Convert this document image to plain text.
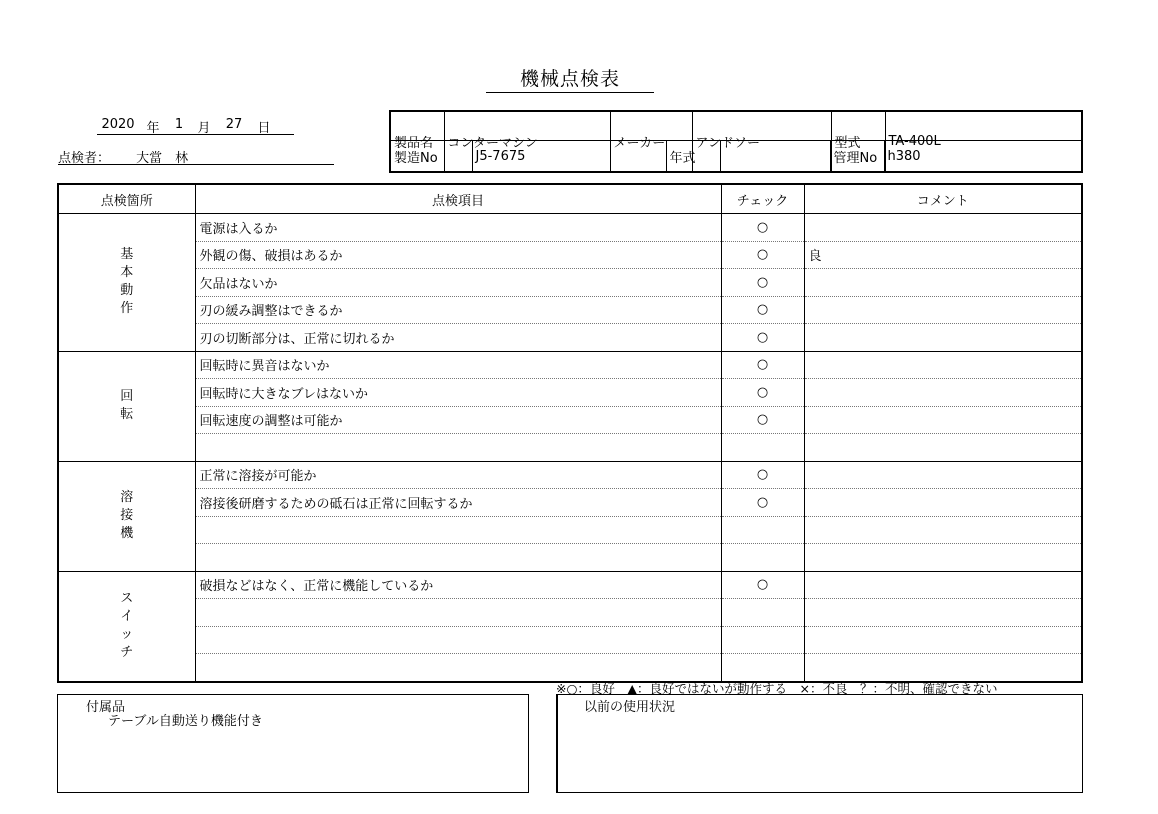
機械点検表
2020 年	1	月	27	日
点検者： 大當　林
製品名	コンターマシン	メーカー	アンドソー	型式	TA-400L
製造No	J5-7675	年式		管理No	h380
点検箇所	点検項目	チェック	コメント
基本動作	電源は入るか	○	
	外観の傷、破損はあるか	○	良
	欠品はないか	○	
	刃の緩み調整はできるか	○	
	刃の切断部分は、正常に切れるか	○	
回転	回転時に異音はないか	○	
	回転時に大きなブレはないか	○	
	回転速度の調整は可能か	○	

溶接機	正常に溶接が可能か	○	
	溶接後研磨するための砥石は正常に回転するか	○	

スイッチ	破損などはなく、正常に機能しているか	○	

※○：良好　▲：良好ではないが動作する　×：不良　？：不明、確認できない
付属品
テーブル自動送り機能付き
以前の使用状況
